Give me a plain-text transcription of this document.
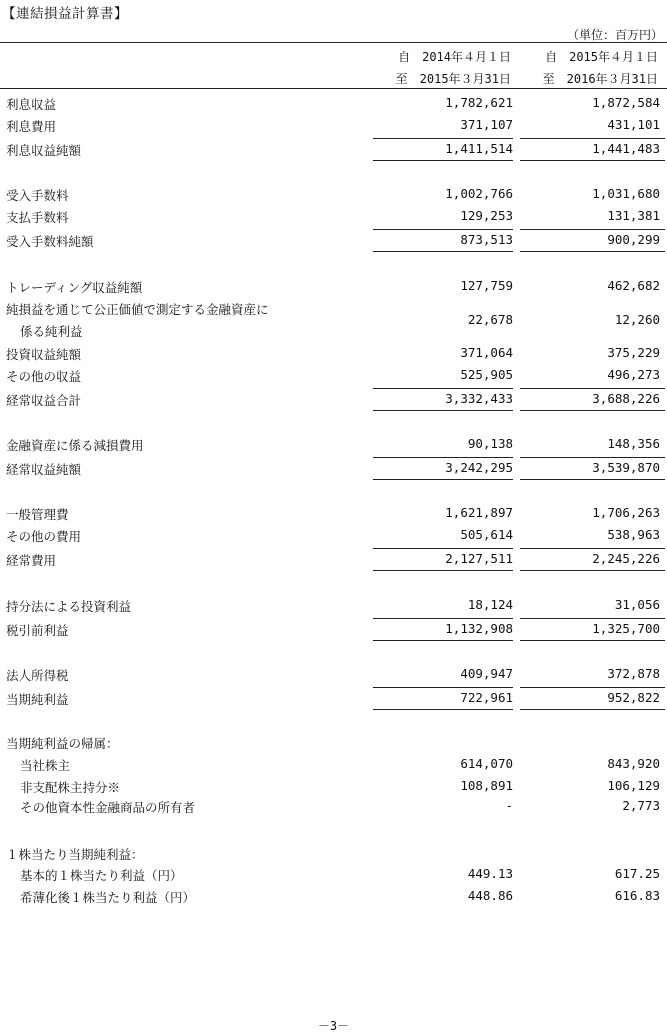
【連結損益計算書】
（単位：百万円）
自　2014年４月１日
至　2015年３月31日
自　2015年４月１日
至　2016年３月31日
利息収益	1,782,621	1,872,584
利息費用	371,107	431,101
利息収益純額	1,411,514	1,441,483
受入手数料	1,002,766	1,031,680
支払手数料	129,253	131,381
受入手数料純額	873,513	900,299
トレーディング収益純額	127,759	462,682
純損益を通じて公正価値で測定する金融資産に
係る純利益
22,678	12,260
投資収益純額	371,064	375,229
その他の収益	525,905	496,273
経常収益合計	3,332,433	3,688,226
金融資産に係る減損費用	90,138	148,356
経常収益純額	3,242,295	3,539,870
一般管理費	1,621,897	1,706,263
その他の費用	505,614	538,963
経常費用	2,127,511	2,245,226
持分法による投資利益	18,124	31,056
税引前利益	1,132,908	1,325,700
法人所得税	409,947	372,878
当期純利益	722,961	952,822
当期純利益の帰属：
当社株主	614,070	843,920
非支配株主持分※	108,891	106,129
その他資本性金融商品の所有者	-	2,773
１株当たり当期純利益：
基本的１株当たり利益（円）	449.13	617.25
希薄化後１株当たり利益（円）	448.86	616.83
－3－
